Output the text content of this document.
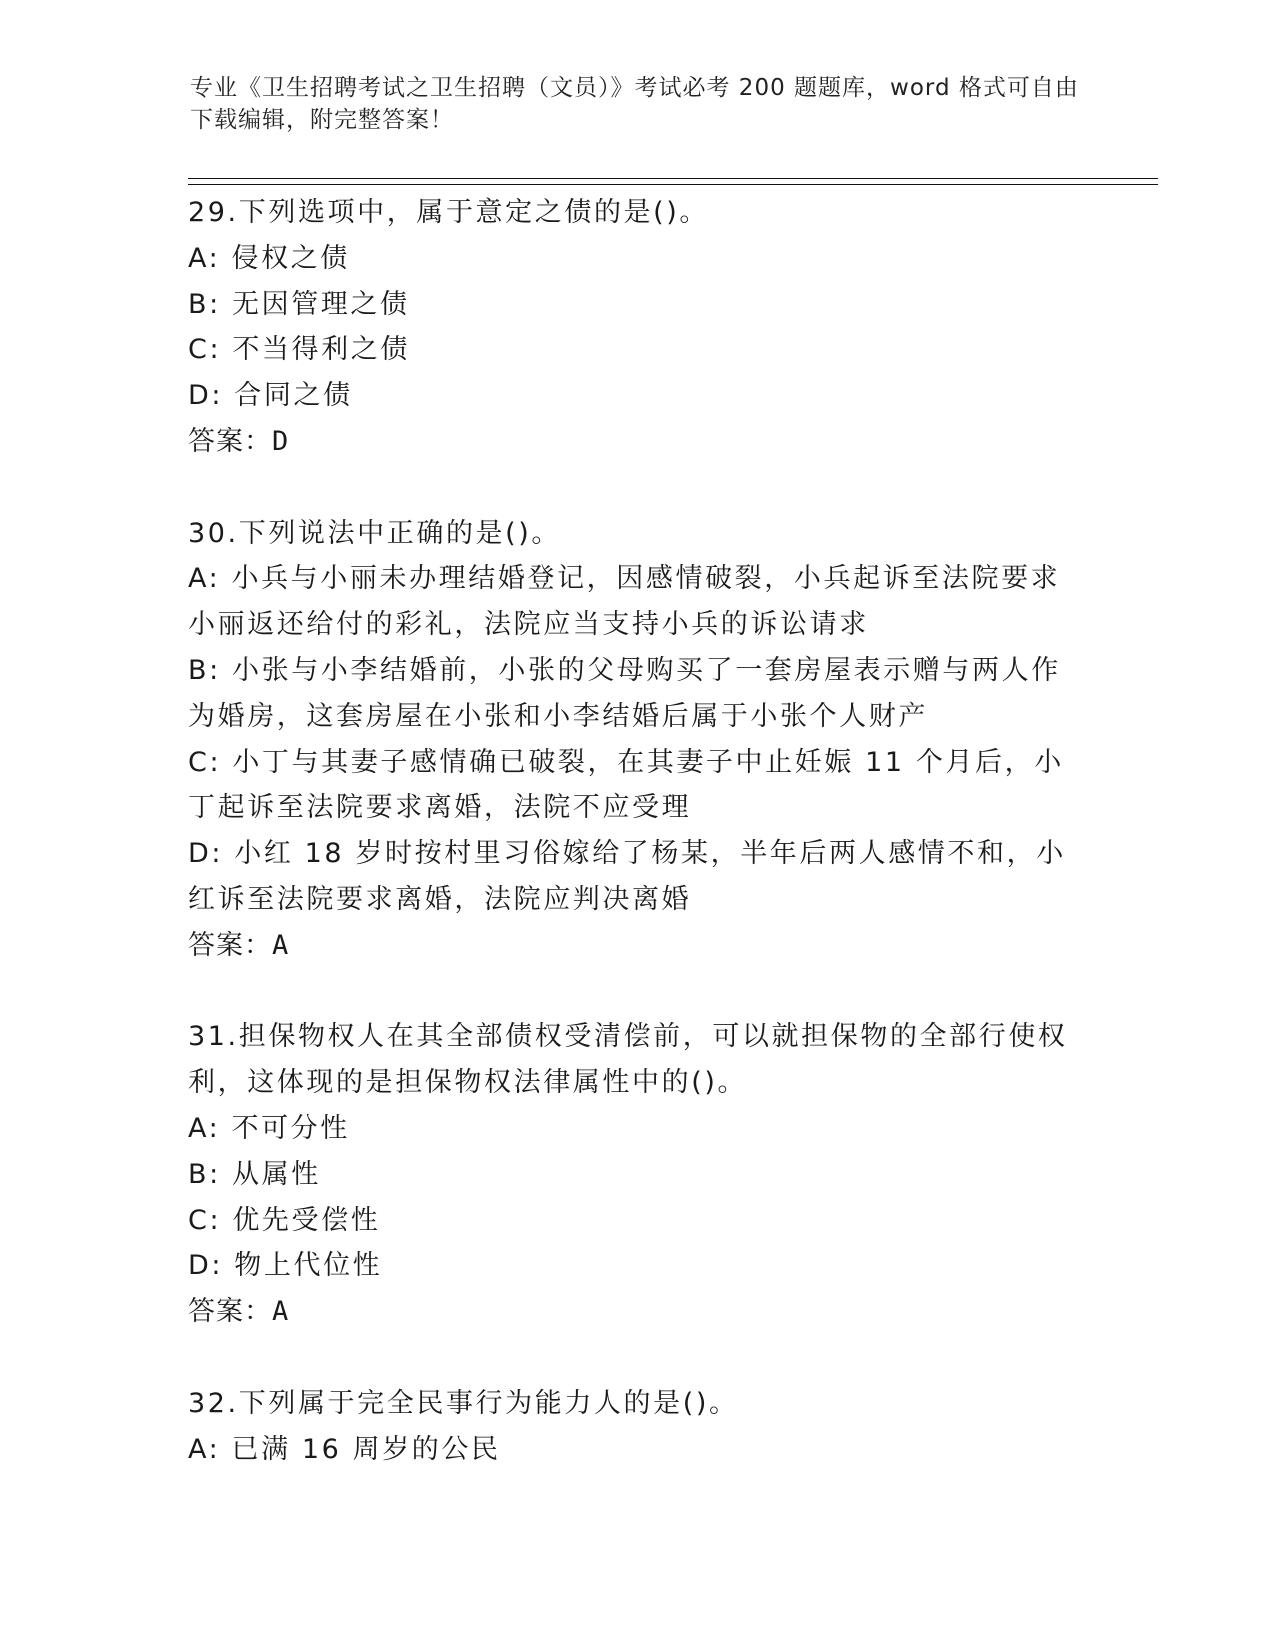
专业《卫生招聘考试之卫生招聘（文员）》考试必考 200 题题库，word 格式可自由下载编辑，附完整答案！

29.下列选项中，属于意定之债的是()。

A: 侵权之债

B: 无因管理之债

C: 不当得利之债

D: 合同之债

答案：D

30.下列说法中正确的是()。

A: 小兵与小丽未办理结婚登记，因感情破裂，小兵起诉至法院要求小丽返还给付的彩礼，法院应当支持小兵的诉讼请求

B: 小张与小李结婚前，小张的父母购买了一套房屋表示赠与两人作为婚房，这套房屋在小张和小李结婚后属于小张个人财产

C: 小丁与其妻子感情确已破裂，在其妻子中止妊娠 11 个月后，小丁起诉至法院要求离婚，法院不应受理

D: 小红 18 岁时按村里习俗嫁给了杨某，半年后两人感情不和，小红诉至法院要求离婚，法院应判决离婚

答案：A

31.担保物权人在其全部债权受清偿前，可以就担保物的全部行使权利，这体现的是担保物权法律属性中的()。

A: 不可分性

B: 从属性

C: 优先受偿性

D: 物上代位性

答案：A

32.下列属于完全民事行为能力人的是()。

A: 已满 16 周岁的公民
